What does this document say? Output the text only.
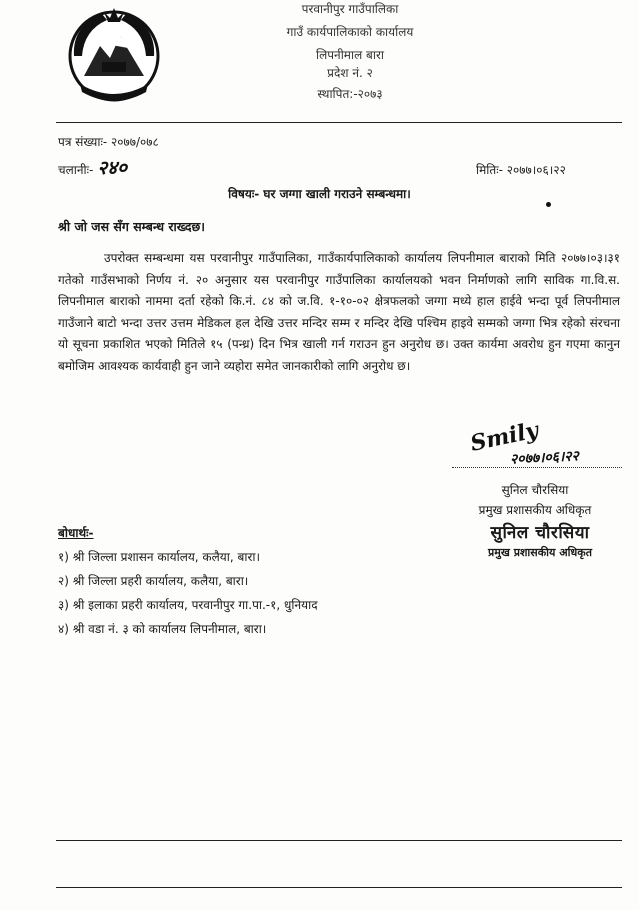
परवानीपुर गाउँपालिका
गाउँ कार्यपालिकाको कार्यालय
लिपनीमाल बारा
प्रदेश नं. २
स्थापित:-२०७३
पत्र संख्याः- २०७७/०७८
चलानीः- २४०	मितिः- २०७७।०६।२२
विषयः- घर जग्गा खाली गराउने सम्बन्धमा।
श्री जो जस सँग सम्बन्ध राख्दछ।
उपरोक्त सम्बन्धमा यस परवानीपुर गाउँपालिका, गाउँकार्यपालिकाको कार्यालय लिपनीमाल बाराको मिति २०७७।०३।३१ गतेको गाउँसभाको निर्णय नं. २० अनुसार यस परवानीपुर गाउँपालिका कार्यालयको भवन निर्माणको लागि साविक गा.वि.स. लिपनीमाल बाराको नाममा दर्ता रहेको कि.नं. ८४ को ज.वि. १-१०-०२ क्षेत्रफलको जग्गा मध्ये हाल हाईवे भन्दा पूर्व लिपनीमाल गाउँजाने बाटो भन्दा उत्तर उत्तम मेडिकल हल देखि उत्तर मन्दिर सम्म र मन्दिर देखि पश्चिम हाइवे सम्मको जग्गा भित्र रहेको संरचना यो सूचना प्रकाशित भएको मितिले १५ (पन्ध्र) दिन भित्र खाली गर्न गराउन हुन अनुरोध छ। उक्त कार्यमा अवरोध हुन गएमा कानुन बमोजिम आवश्यक कार्यवाही हुन जाने व्यहोरा समेत जानकारीको लागि अनुरोध छ।
Smily
२०७७।०६।२२
सुनिल चौरसिया
प्रमुख प्रशासकीय अधिकृत
सुनिल चौरसिया
प्रमुख प्रशासकीय अधिकृत
बोधार्थः-
१) श्री जिल्ला प्रशासन कार्यालय, कलैया, बारा।
२) श्री जिल्ला प्रहरी कार्यालय, कलैया, बारा।
३) श्री इलाका प्रहरी कार्यालय, परवानीपुर गा.पा.-१, धुनियाद
४) श्री वडा नं. ३ को कार्यालय लिपनीमाल, बारा।
